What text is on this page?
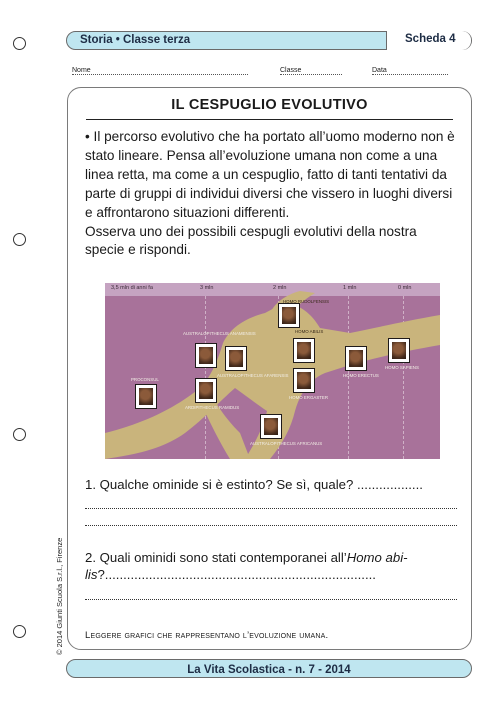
Storia • Classe terza	Scheda 4
Nome	Classe	Data
IL CESPUGLIO EVOLUTIVO
• Il percorso evolutivo che ha portato all’uomo moderno non è stato lineare. Pensa all’evoluzione umana non come a una linea retta, ma come a un cespuglio, fatto di tanti tentativi da parte di gruppi di individui diversi che vissero in luoghi diversi e affrontarono situazioni differenti.
Osserva uno dei possibili cespugli evolutivi della nostra specie e rispondi.
3,5 mln di anni fa	3 mln	2 mln	1 mln	0 mln
PROCONSUL
AUSTRALOPITHECUS ANAMENSIS
AUSTRALOPITHECUS AFARENSIS
ARDIPITHECUS RAMIDUS
AUSTRALOPITHECUS AFRICANUS
HOMO RUDOLFENSIS
HOMO ABILIS
HOMO ERGASTER
HOMO ERECTUS
HOMO SAPIENS
1. Qualche ominide si è estinto? Se sì, quale? ..................
2. Quali ominidi sono stati contemporanei all’Homo abilis?..........................................................................
Leggere grafici che rappresentano l’evoluzione umana.
© 2014 Giunti Scuola S.r.l., Firenze
La Vita Scolastica - n. 7 - 2014
